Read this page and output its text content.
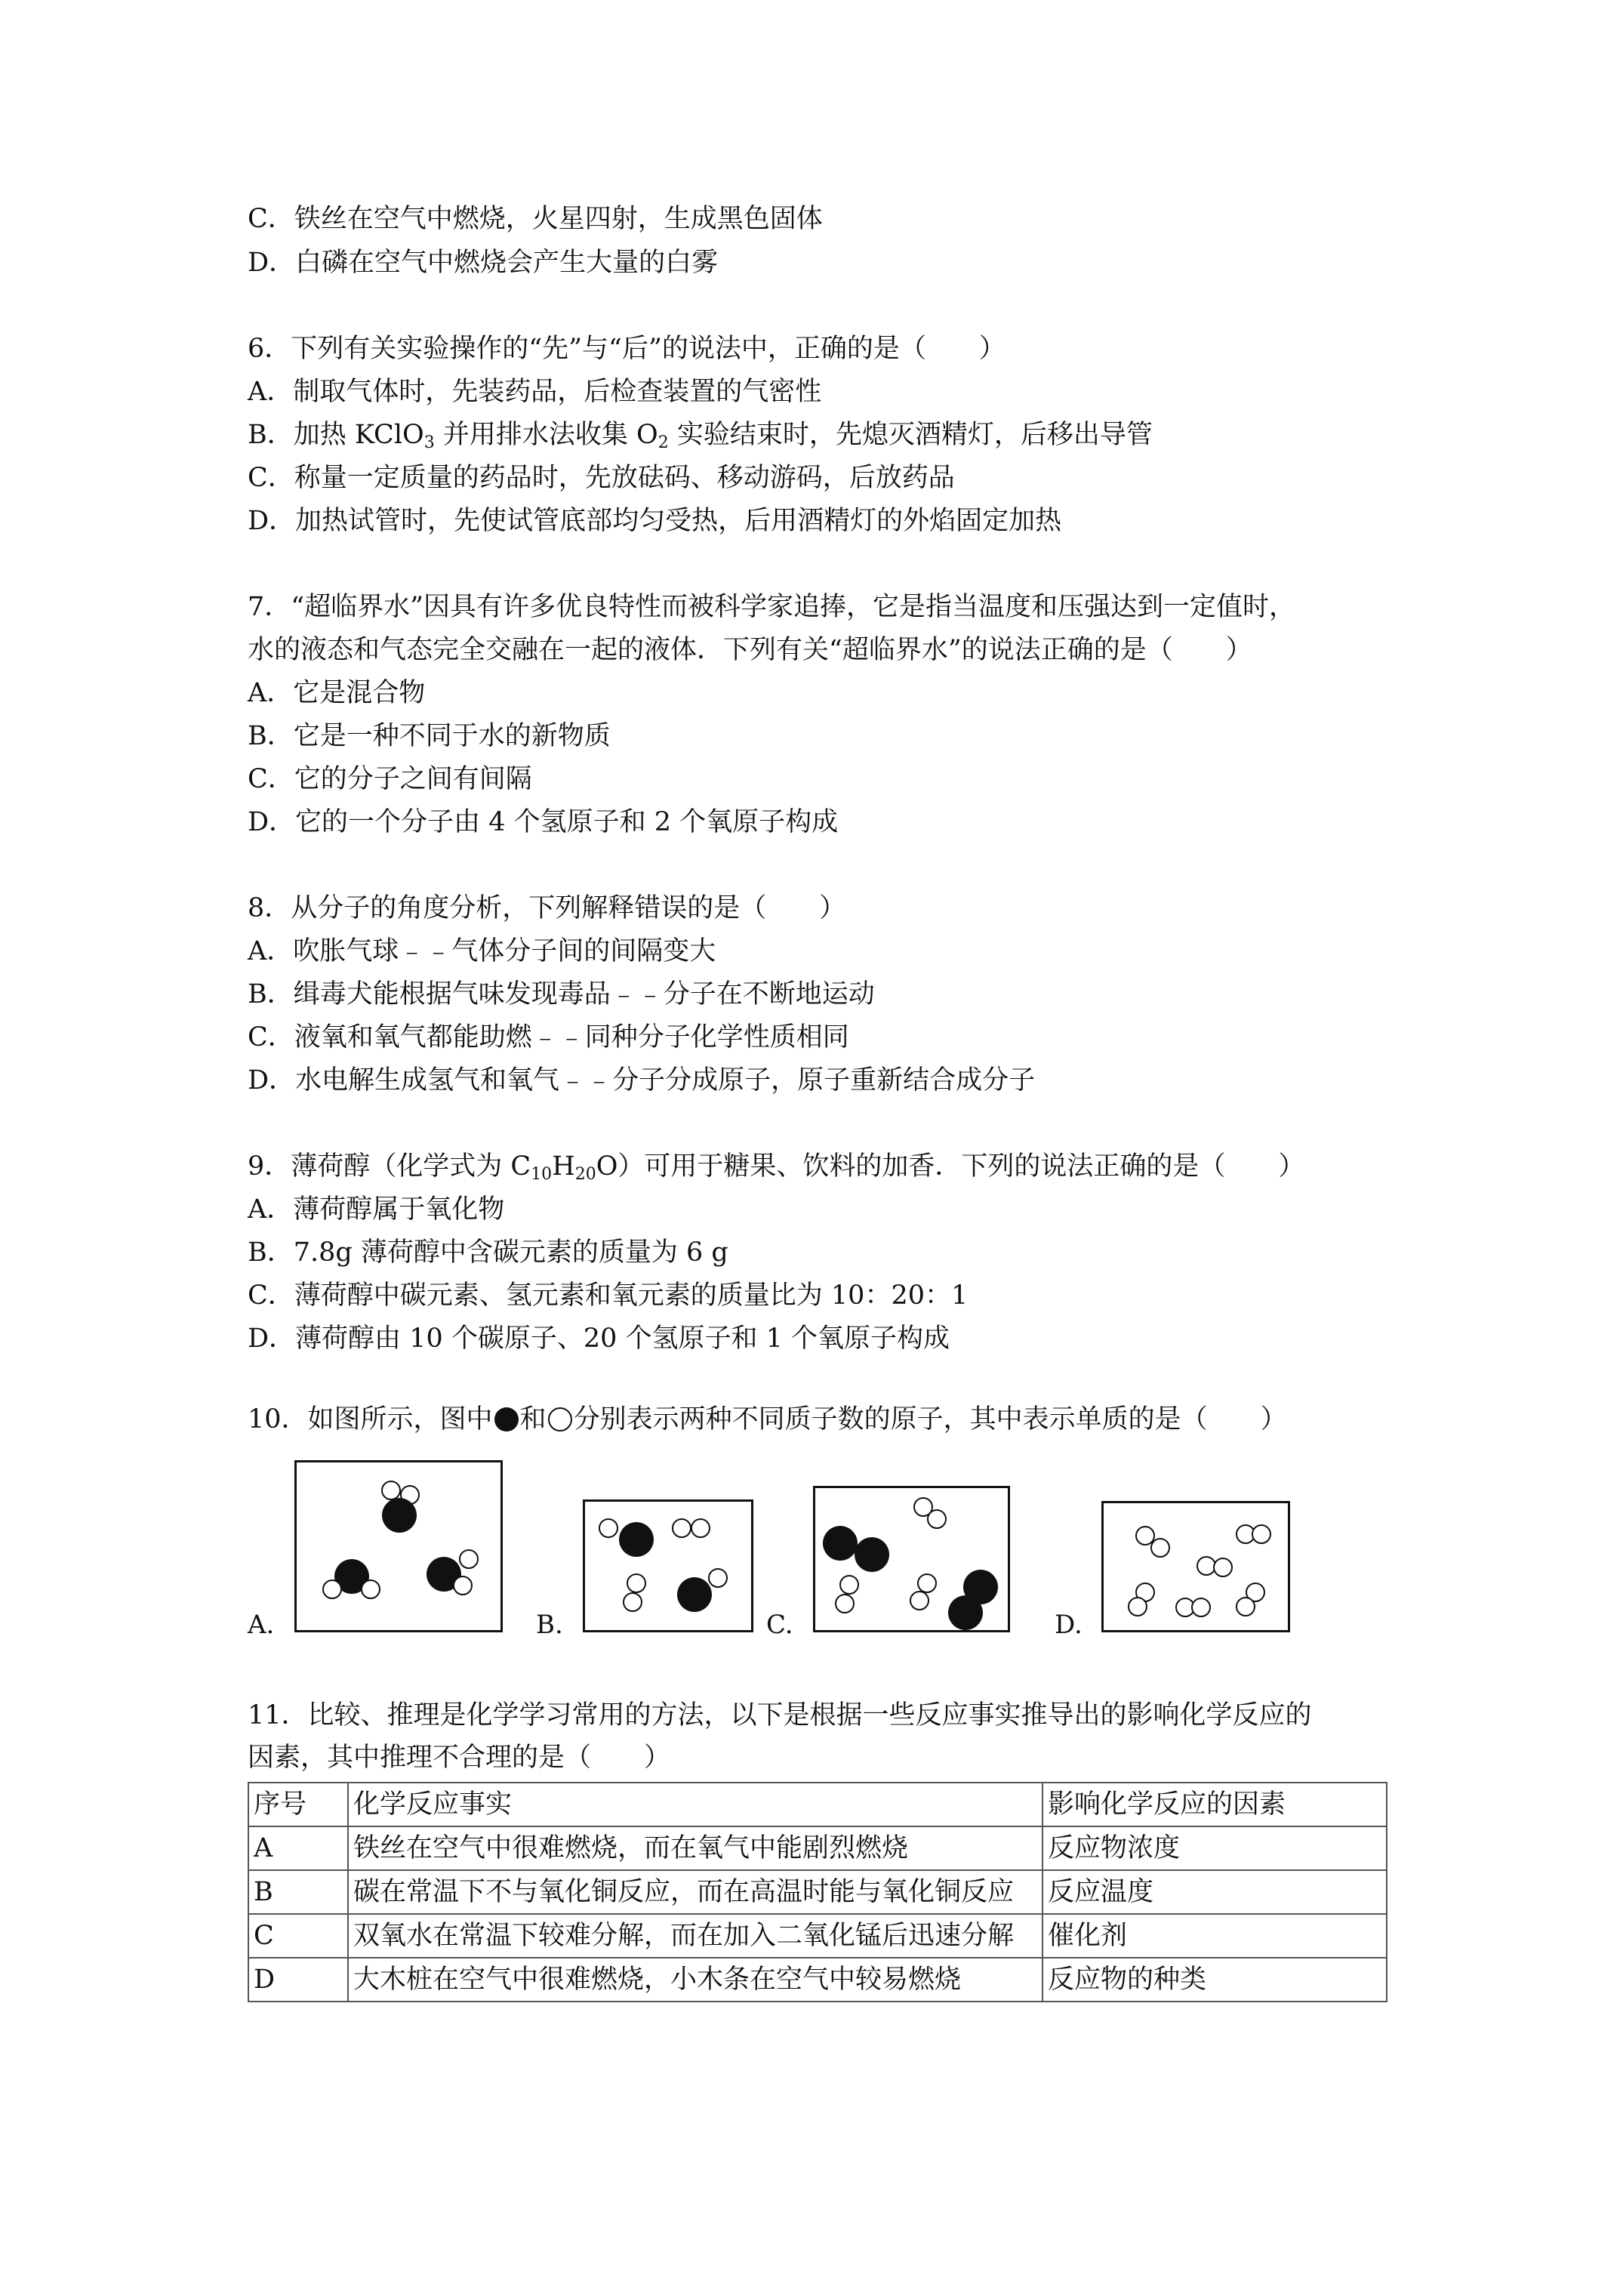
C．铁丝在空气中燃烧，火星四射，生成黑色固体
D．白磷在空气中燃烧会产生大量的白雾
6．下列有关实验操作的“先”与“后”的说法中，正确的是（　　）
A．制取气体时，先装药品，后检查装置的气密性
B．加热 KClO$_3$ 并用排水法收集 $O_2$ 实验结束时，先熄灭酒精灯，后移出导管
C．称量一定质量的药品时，先放砝码、移动游码，后放药品
D．加热试管时，先使试管底部均匀受热，后用酒精灯的外焰固定加热
7．“超临界水”因具有许多优良特性而被科学家追捧，它是指当温度和压强达到一定值时，
水的液态和气态完全交融在一起的液体．下列有关“超临界水”的说法正确的是（　　）
A．它是混合物
B．它是一种不同于水的新物质
C．它的分子之间有间隔
D．它的一个分子由 4 个氢原子和 2 个氧原子构成
8．从分子的角度分析，下列解释错误的是（　　）
A．吹胀气球﹣﹣气体分子间的间隔变大
B．缉毒犬能根据气味发现毒品﹣﹣分子在不断地运动
C．液氧和氧气都能助燃﹣﹣同种分子化学性质相同
D．水电解生成氢气和氧气﹣﹣分子分成原子，原子重新结合成分子
9．薄荷醇（化学式为 $C_{10}H_{20}O$）可用于糖果、饮料的加香．下列的说法正确的是（　　）
A．薄荷醇属于氧化物
B．7.8g 薄荷醇中含碳元素的质量为 6 g
C．薄荷醇中碳元素、氢元素和氧元素的质量比为 10：20：1
D．薄荷醇由 10 个碳原子、20 个氢原子和 1 个氧原子构成
10．如图所示，图中 和 分别表示两种不同质子数的原子，其中表示单质的是（　　）
A.	B.	C.	D.
11．比较、推理是化学学习常用的方法，以下是根据一些反应事实推导出的影响化学反应的
因素，其中推理不合理的是（　　）
序号	化学反应事实	影响化学反应的因素
A	铁丝在空气中很难燃烧，而在氧气中能剧烈燃烧	反应物浓度
B	碳在常温下不与氧化铜反应，而在高温时能与氧化铜反应	反应温度
C	双氧水在常温下较难分解，而在加入二氧化锰后迅速分解	催化剂
D	大木桩在空气中很难燃烧，小木条在空气中较易燃烧	反应物的种类
